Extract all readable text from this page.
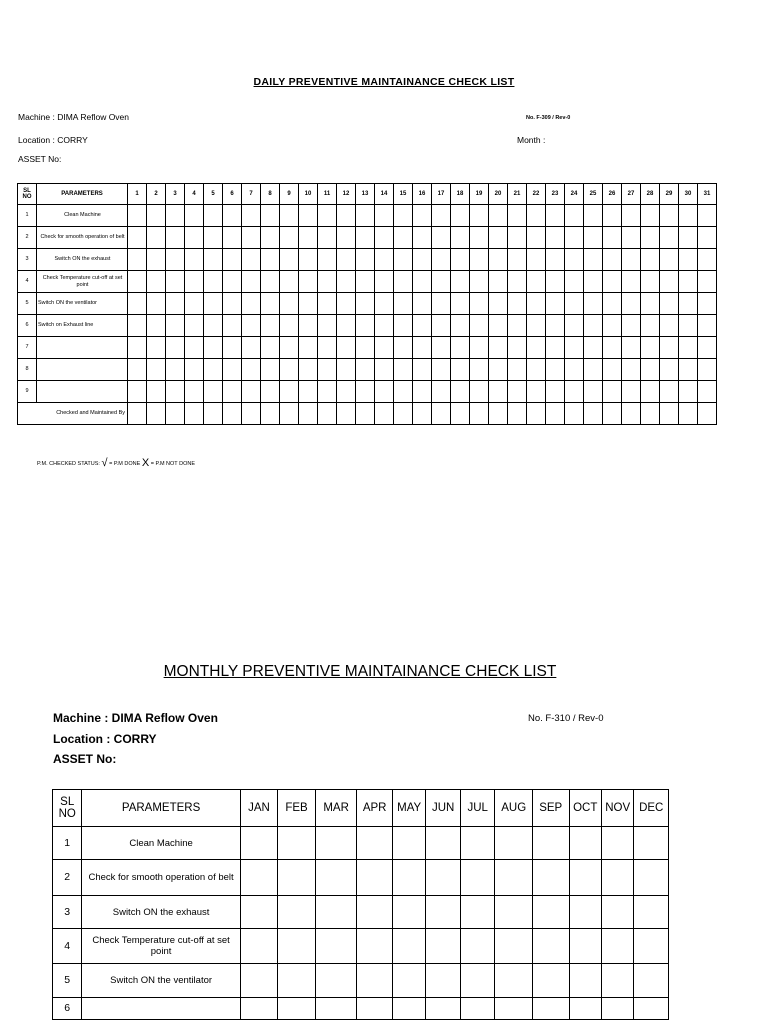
DAILY PREVENTIVE MAINTAINANCE CHECK LIST
Machine : DIMA Reflow Oven	No. F-309 / Rev-0
Location : CORRY	Month :
ASSET No:
SL NO	PARAMETERS	1	2	3	4	5	6	7	8	9	10	11	12	13	14	15	16	17	18	19	20	21	22	23	24	25	26	27	28	29	30	31
1	Clean Machine																															
2	Check for smooth operation of belt																															
3	Switch ON the exhaust																															
4	Check Temperature cut-off at set point																															
5	Switch ON the ventilator																															
6	Switch on Exhaust line																															
7																																
8																																
9																																
Checked and Maintained By																																
P.M. CHECKED STATUS: √ = P.M DONE X = P.M NOT DONE
MONTHLY PREVENTIVE MAINTAINANCE CHECK LIST
Machine : DIMA Reflow Oven	No. F-310 / Rev-0
Location : CORRY
ASSET No:
SL NO	PARAMETERS	JAN	FEB	MAR	APR	MAY	JUN	JUL	AUG	SEP	OCT	NOV	DEC
1	Clean Machine												
2	Check for smooth operation of belt												
3	Switch ON the exhaust												
4	Check Temperature cut-off at set point												
5	Switch ON the ventilator												
6													
